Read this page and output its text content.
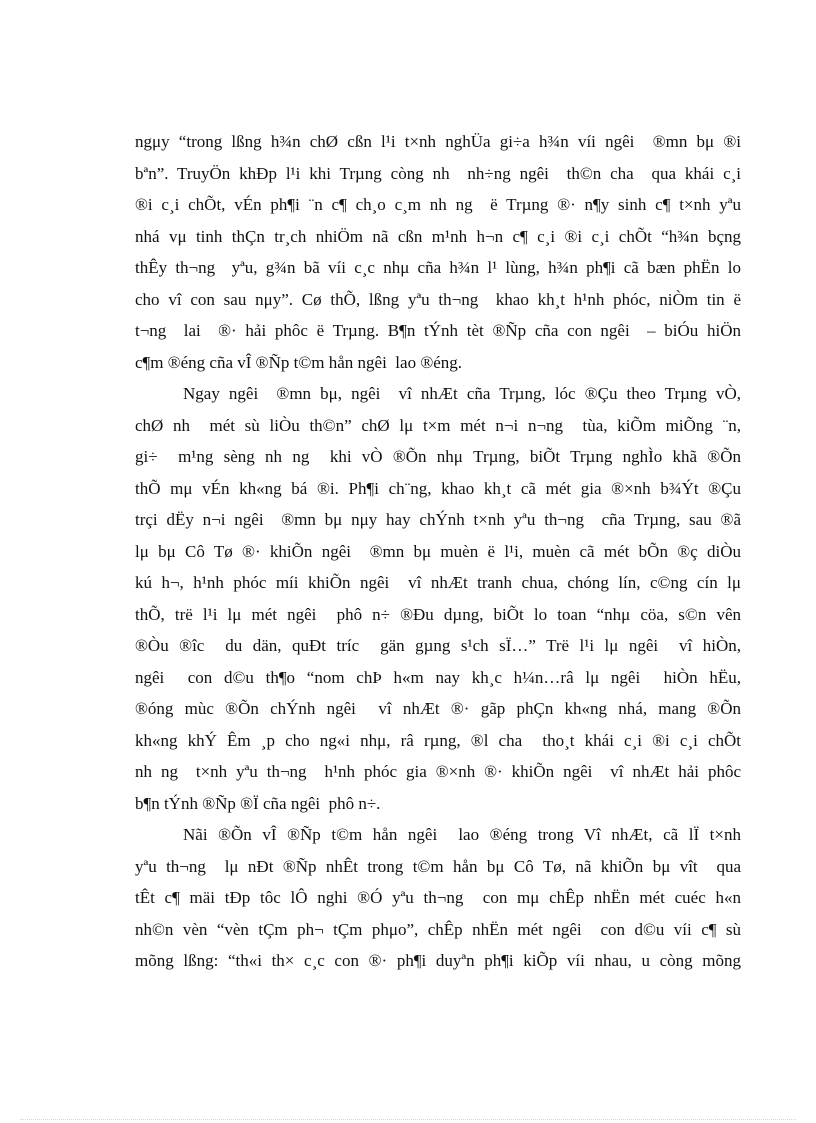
ngμy “trong lßng h¾​n chØ cßn l¹i t×nh nghÜa gi÷a h¾​n víi ngêi  ®mn bμ ®i
bªn”. TruyÖn khÐp l¹i khi Trµng còng nh  nh÷ng ngêi  th©n cha  qua khái c¸i
®i c¸i chÕt, vÉn ph¶i ¨n c¶ ch¸o c¸m nh ng  ë Trµng ®· n¶y sinh c¶ t×nh yªu
nhá vμ tinh thÇn tr¸ch nhiÖm nã cßn m¹nh h¬n c¶ c¸i ®i c¸i chÕt “h¾​n bçng
thÊy th¬ng  yªu, g¾​n bã víi c¸c nhμ cña h¾​n l¹ lùng, h¾​n ph¶i cã bæn phËn lo
cho vî con sau nμy”. Cø thÕ, lßng yªu th¬ng  khao kh¸t h¹nh phóc, niÒm tin ë
t¬ng  lai  ®· hải phôc ë Trµng. B¶n tÝnh tèt ®Ñp cña con ngêi  – biÓu hiÖn
c¶m ®éng cña vÎ ®Ñp t©m hån ngêi  lao ®éng.

Ngay ngêi  ®mn bμ, ngêi  vî nhÆt cña Trµng, lóc ®Çu theo Trµng vÒ,
chØ nh  mét sù liÒu th©n” chØ lμ t×m mét n¬i n¬ng  tùa, kiÕm miÕng ¨n,
gi÷  m¹ng sèng nh ng  khi vÒ ®Õn nhμ Trµng, biÕt Trµng nghÌo khã ®Õn
thÕ mμ vÉn kh«ng bá ®i. Ph¶i ch¨ng, khao kh¸t cã mét gia ®×nh b¾Ýt ®Çu
trçi dËy n¬i ngêi  ®mn bμ nμy hay chÝnh t×nh yªu th¬ng  cña Trµng, sau ®ã
lμ bμ Cô Tø ®· khiÕn ngêi  ®mn bμ muèn ë l¹i, muèn cã mét bÕn ®ç diÒu
kú h¬, h¹nh phóc míi khiÕn ngêi  vî nhÆt tranh chua, chóng lín, c©ng cín lμ
thÕ, trë l¹i lμ mét ngêi  phô n÷ ®Ðu dµng, biÕt lo toan “nhμ cöa, s©n vên
®Òu ®îc  du dän, quÐt tríc  gän gµng s¹ch sÏ…” Trë l¹i lμ ngêi  vî hiÒn,
ngêi  con d©u th¶o “nom chÞ h«m nay kh¸c h¼n…râ lμ ngêi  hiÒn hËu,
®óng mùc ®Õn chÝnh ngêi  vî nhÆt ®· gãp phÇn kh«ng nhá, mang ®Õn
kh«ng khÝ Êm ¸p cho ng«i nhμ, râ rµng, ®l cha  tho¸t khái c¸i ®i c¸i chÕt
nh ng  t×nh yªu th¬ng  h¹nh phóc gia ®×nh ®· khiÕn ngêi  vî nhÆt hải phôc
b¶n tÝnh ®Ñp ®Ï cña ngêi  phô n÷.

Nãi ®Õn vÎ ®Ñp t©m hån ngêi  lao ®éng trong Vî nhÆt, cã lÏ t×nh
yªu th¬ng  lμ nÐt ®Ñp nhÊt trong t©m hån bμ Cô Tø, nã khiÕn bμ vît  qua
tÊt c¶ mäi tÐp tôc lÔ nghi ®Ó yªu th¬ng  con mμ chÊp nhËn mét cuéc h«n
nh©n vèn “vèn tÇm ph¬ tÇm phμo”, chÊp nhËn mét ngêi  con d©u víi c¶ sù
mõng lßng: “th«i th× c¸c con ®· ph¶i duyªn ph¶i kiÕp víi nhau, u còng mõng
